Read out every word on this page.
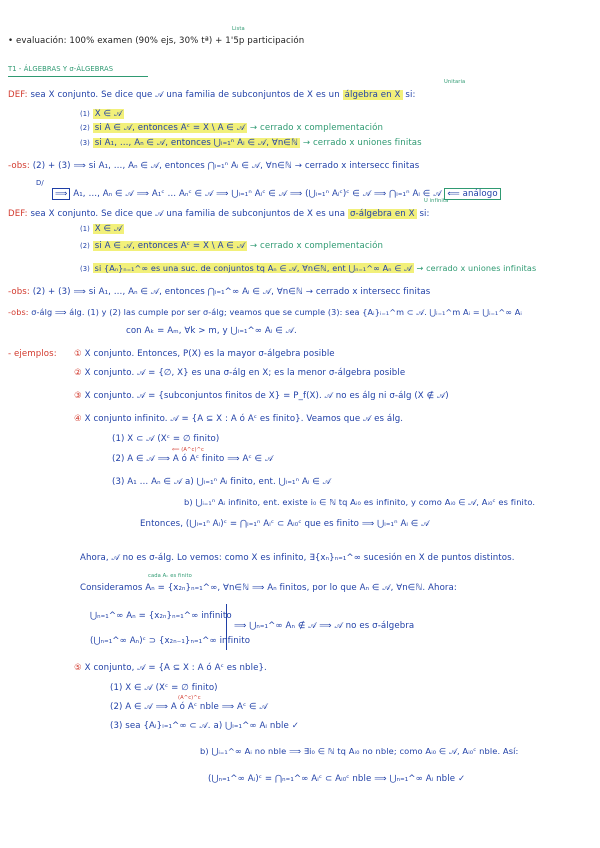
• evaluación: 100% examen (90% ejs, 30% tª) + 1'5p participación
Lista
T1 - ÁLGEBRAS Y σ-ÁLGEBRAS
Unitaria
DEF: sea X conjunto. Se dice que 𝒜 una familia de subconjuntos de X es un álgebra en X si:
(1) X ∈ 𝒜
(2) si A ∈ 𝒜, entonces Aᶜ = X \ A ∈ 𝒜 → cerrado x complementación
(3) si A₁, …, Aₙ ∈ 𝒜, entonces ⋃ᵢ₌₁ⁿ Aᵢ ∈ 𝒜, ∀n∈ℕ → cerrado x uniones finitas
-obs: (2) + (3) ⟹ si A₁, …, Aₙ ∈ 𝒜, entonces ⋂ᵢ₌₁ⁿ Aᵢ ∈ 𝒜, ∀n∈ℕ → cerrado x intersecc finitas
D/
⟹ A₁, …, Aₙ ∈ 𝒜 ⟹ A₁ᶜ … Aₙᶜ ∈ 𝒜 ⟹ ⋃ᵢ₌₁ⁿ Aᵢᶜ ∈ 𝒜 ⟹ (⋃ᵢ₌₁ⁿ Aᵢᶜ)ᶜ ∈ 𝒜 ⟹ ⋂ᵢ₌₁ⁿ Aᵢ ∈ 𝒜 ⟸ análogo
DEF: sea X conjunto. Se dice que 𝒜 una familia de subconjuntos de X es una σ-álgebra en X si:
U infinita
(1) X ∈ 𝒜
(2) si A ∈ 𝒜, entonces Aᶜ = X \ A ∈ 𝒜 → cerrado x complementación
(3) si {Aₙ}ₙ₌₁^∞ es una suc. de conjuntos tq Aₙ ∈ 𝒜, ∀n∈ℕ, ent ⋃ₙ₌₁^∞ Aₙ ∈ 𝒜 → cerrado x uniones infinitas
-obs: (2) + (3) ⟹ si A₁, …, Aₙ ∈ 𝒜, entonces ⋂ᵢ₌₁^∞ Aᵢ ∈ 𝒜, ∀n∈ℕ → cerrado x intersecc finitas
-obs: σ-álg ⟹ álg. (1) y (2) las cumple por ser σ-álg; veamos que se cumple (3): sea {Aᵢ}ᵢ₌₁^m ⊂ 𝒜. ⋃ᵢ₌₁^m Aᵢ = ⋃ᵢ₌₁^∞ Aᵢ
con Aₖ = Aₘ, ∀k > m, y ⋃ᵢ₌₁^∞ Aᵢ ∈ 𝒜.
- ejemplos: ① X conjunto. Entonces, P(X) es la mayor σ-álgebra posible
② X conjunto. 𝒜 = {∅, X} es una σ-álg en X; es la menor σ-álgebra posible
③ X conjunto. 𝒜 = {subconjuntos finitos de X} = P_f(X). 𝒜 no es álg ni σ-álg (X ∉ 𝒜)
④ X conjunto infinito. 𝒜 = {A ⊆ X : A ó Aᶜ es finito}. Veamos que 𝒜 es álg.
(1) X ⊂ 𝒜 (Xᶜ = ∅ finito)
⟸ (A^c)^c
(2) A ∈ 𝒜 ⟹ A ó Aᶜ finito ⟹ Aᶜ ∈ 𝒜
(3) A₁ … Aₙ ∈ 𝒜 a) ⋃ᵢ₌₁ⁿ Aᵢ finito, ent. ⋃ᵢ₌₁ⁿ Aᵢ ∈ 𝒜
b) ⋃ᵢ₌₁ⁿ Aᵢ infinito, ent. existe i₀ ∈ ℕ tq Aᵢ₀ es infinito, y como Aᵢ₀ ∈ 𝒜, Aᵢ₀ᶜ es finito.
Entonces, (⋃ᵢ₌₁ⁿ Aᵢ)ᶜ = ⋂ᵢ₌₁ⁿ Aᵢᶜ ⊂ Aᵢ₀ᶜ que es finito ⟹ ⋃ᵢ₌₁ⁿ Aᵢ ∈ 𝒜
Ahora, 𝒜 no es σ-álg. Lo vemos: como X es infinito, ∃{xₙ}ₙ₌₁^∞ sucesión en X de puntos distintos.
cada Aₙ es finito
Consideramos Aₙ = {x₂ₙ}ₙ₌₁^∞, ∀n∈ℕ ⟹ Aₙ finitos, por lo que Aₙ ∈ 𝒜, ∀n∈ℕ. Ahora:
⋃ₙ₌₁^∞ Aₙ = {x₂ₙ}ₙ₌₁^∞ infinito
(⋃ₙ₌₁^∞ Aₙ)ᶜ ⊃ {x₂ₙ₋₁}ₙ₌₁^∞ infinito
⟹ ⋃ₙ₌₁^∞ Aₙ ∉ 𝒜 ⟹ 𝒜 no es σ-álgebra
⑤ X conjunto, 𝒜 = {A ⊆ X : A ó Aᶜ es nble}.
(1) X ∈ 𝒜 (Xᶜ = ∅ finito)
(A^c)^c
(2) A ∈ 𝒜 ⟹ A ó Aᶜ nble ⟹ Aᶜ ∈ 𝒜
(3) sea {Aᵢ}ᵢ₌₁^∞ ⊂ 𝒜. a) ⋃ᵢ₌₁^∞ Aᵢ nble ✓
b) ⋃ᵢ₌₁^∞ Aᵢ no nble ⟹ ∃i₀ ∈ ℕ tq Aᵢ₀ no nble; como Aᵢ₀ ∈ 𝒜, Aᵢ₀ᶜ nble. Así:
(⋃ₙ₌₁^∞ Aᵢ)ᶜ = ⋂ₙ₌₁^∞ Aᵢᶜ ⊂ Aᵢ₀ᶜ nble ⟹ ⋃ₙ₌₁^∞ Aᵢ nble ✓
